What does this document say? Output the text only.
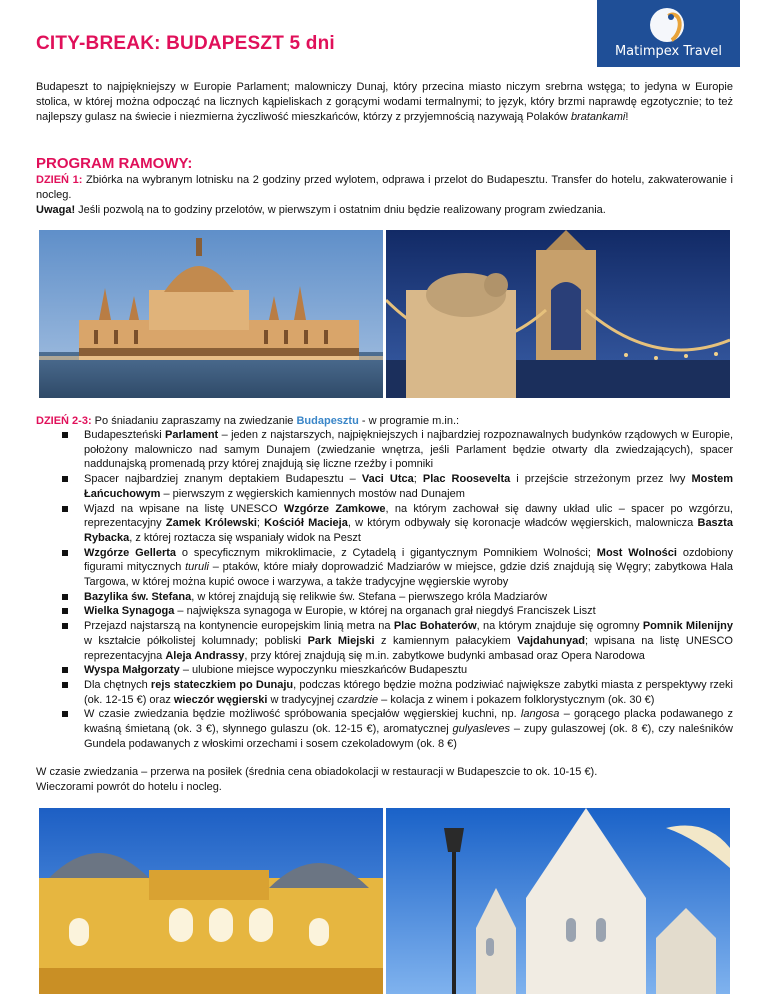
Matimpex Travel
CITY-BREAK: BUDAPESZT 5 dni

Budapeszt to najpiękniejszy w Europie Parlament; malowniczy Dunaj, który przecina miasto niczym srebrna wstęga; to jedyna w Europie stolica, w której można odpocząć na licznych kąpieliskach z gorącymi wodami termalnymi; to język, który brzmi naprawdę egzotycznie; to też najlepszy gulasz na świecie i niezmierna życzliwość mieszkańców, którzy z przyjemnością nazywają Polaków bratankami!

PROGRAM RAMOWY:

DZIEŃ 1: Zbiórka na wybranym lotnisku na 2 godziny przed wylotem, odprawa i przelot do Budapesztu. Transfer do hotelu, zakwaterowanie i nocleg.
Uwaga! Jeśli pozwolą na to godziny przelotów, w pierwszym i ostatnim dniu będzie realizowany program zwiedzania.

DZIEŃ 2-3: Po śniadaniu zapraszamy na zwiedzanie Budapesztu - w programie m.in.:

Budapeszteński Parlament – jeden z najstarszych, najpiękniejszych i najbardziej rozpoznawalnych budynków rządowych w Europie, położony malowniczo nad samym Dunajem (zwiedzanie wnętrza, jeśli Parlament będzie otwarty dla zwiedzających), spacer naddunajską promenadą przy której znajdują się liczne rzeźby i pomniki
Spacer najbardziej znanym deptakiem Budapesztu – Vaci Utca; Plac Roosevelta i przejście strzeżonym przez lwy Mostem Łańcuchowym – pierwszym z węgierskich kamiennych mostów nad Dunajem
Wjazd na wpisane na listę UNESCO Wzgórze Zamkowe, na którym zachował się dawny układ ulic – spacer po wzgórzu, reprezentacyjny Zamek Królewski; Kościół Macieja, w którym odbywały się koronacje władców węgierskich, malownicza Baszta Rybacka, z której roztacza się wspaniały widok na Peszt
Wzgórze Gellerta o specyficznym mikroklimacie, z Cytadelą i gigantycznym Pomnikiem Wolności; Most Wolności ozdobiony figurami mitycznych turuli – ptaków, które miały doprowadzić Madziarów w miejsce, gdzie dziś znajdują się Węgry; zabytkowa Hala Targowa, w której można kupić owoce i warzywa, a także tradycyjne węgierskie wyroby
Bazylika św. Stefana, w której znajdują się relikwie św. Stefana – pierwszego króla Madziarów
Wielka Synagoga – największa synagoga w Europie, w której na organach grał niegdyś Franciszek Liszt
Przejazd najstarszą na kontynencie europejskim linią metra na Plac Bohaterów, na którym znajduje się ogromny Pomnik Milenijny w kształcie półkolistej kolumnady; pobliski Park Miejski z kamiennym pałacykiem Vajdahunyad; wpisana na listę UNESCO reprezentacyjna Aleja Andrassy, przy której znajdują się m.in. zabytkowe budynki ambasad oraz Opera Narodowa
Wyspa Małgorzaty – ulubione miejsce wypoczynku mieszkańców Budapesztu
Dla chętnych rejs stateczkiem po Dunaju, podczas którego będzie można podziwiać największe zabytki miasta z perspektywy rzeki (ok. 12-15 €) oraz wieczór węgierski w tradycyjnej czardzie – kolacja z winem i pokazem folklorystycznym (ok. 30 €)
W czasie zwiedzania będzie możliwość spróbowania specjałów węgierskiej kuchni, np. langosa – gorącego placka podawanego z kwaśną śmietaną (ok. 3 €), słynnego gulaszu (ok. 12-15 €), aromatycznej gulyasleves – zupy gulaszowej (ok. 8 €), czy naleśników Gundela podawanych z włoskimi orzechami i sosem czekoladowym (ok. 8 €)

W czasie zwiedzania – przerwa na posiłek (średnia cena obiadokolacji w restauracji w Budapeszcie to ok. 10-15 €).
Wieczorami powrót do hotelu i nocleg.
